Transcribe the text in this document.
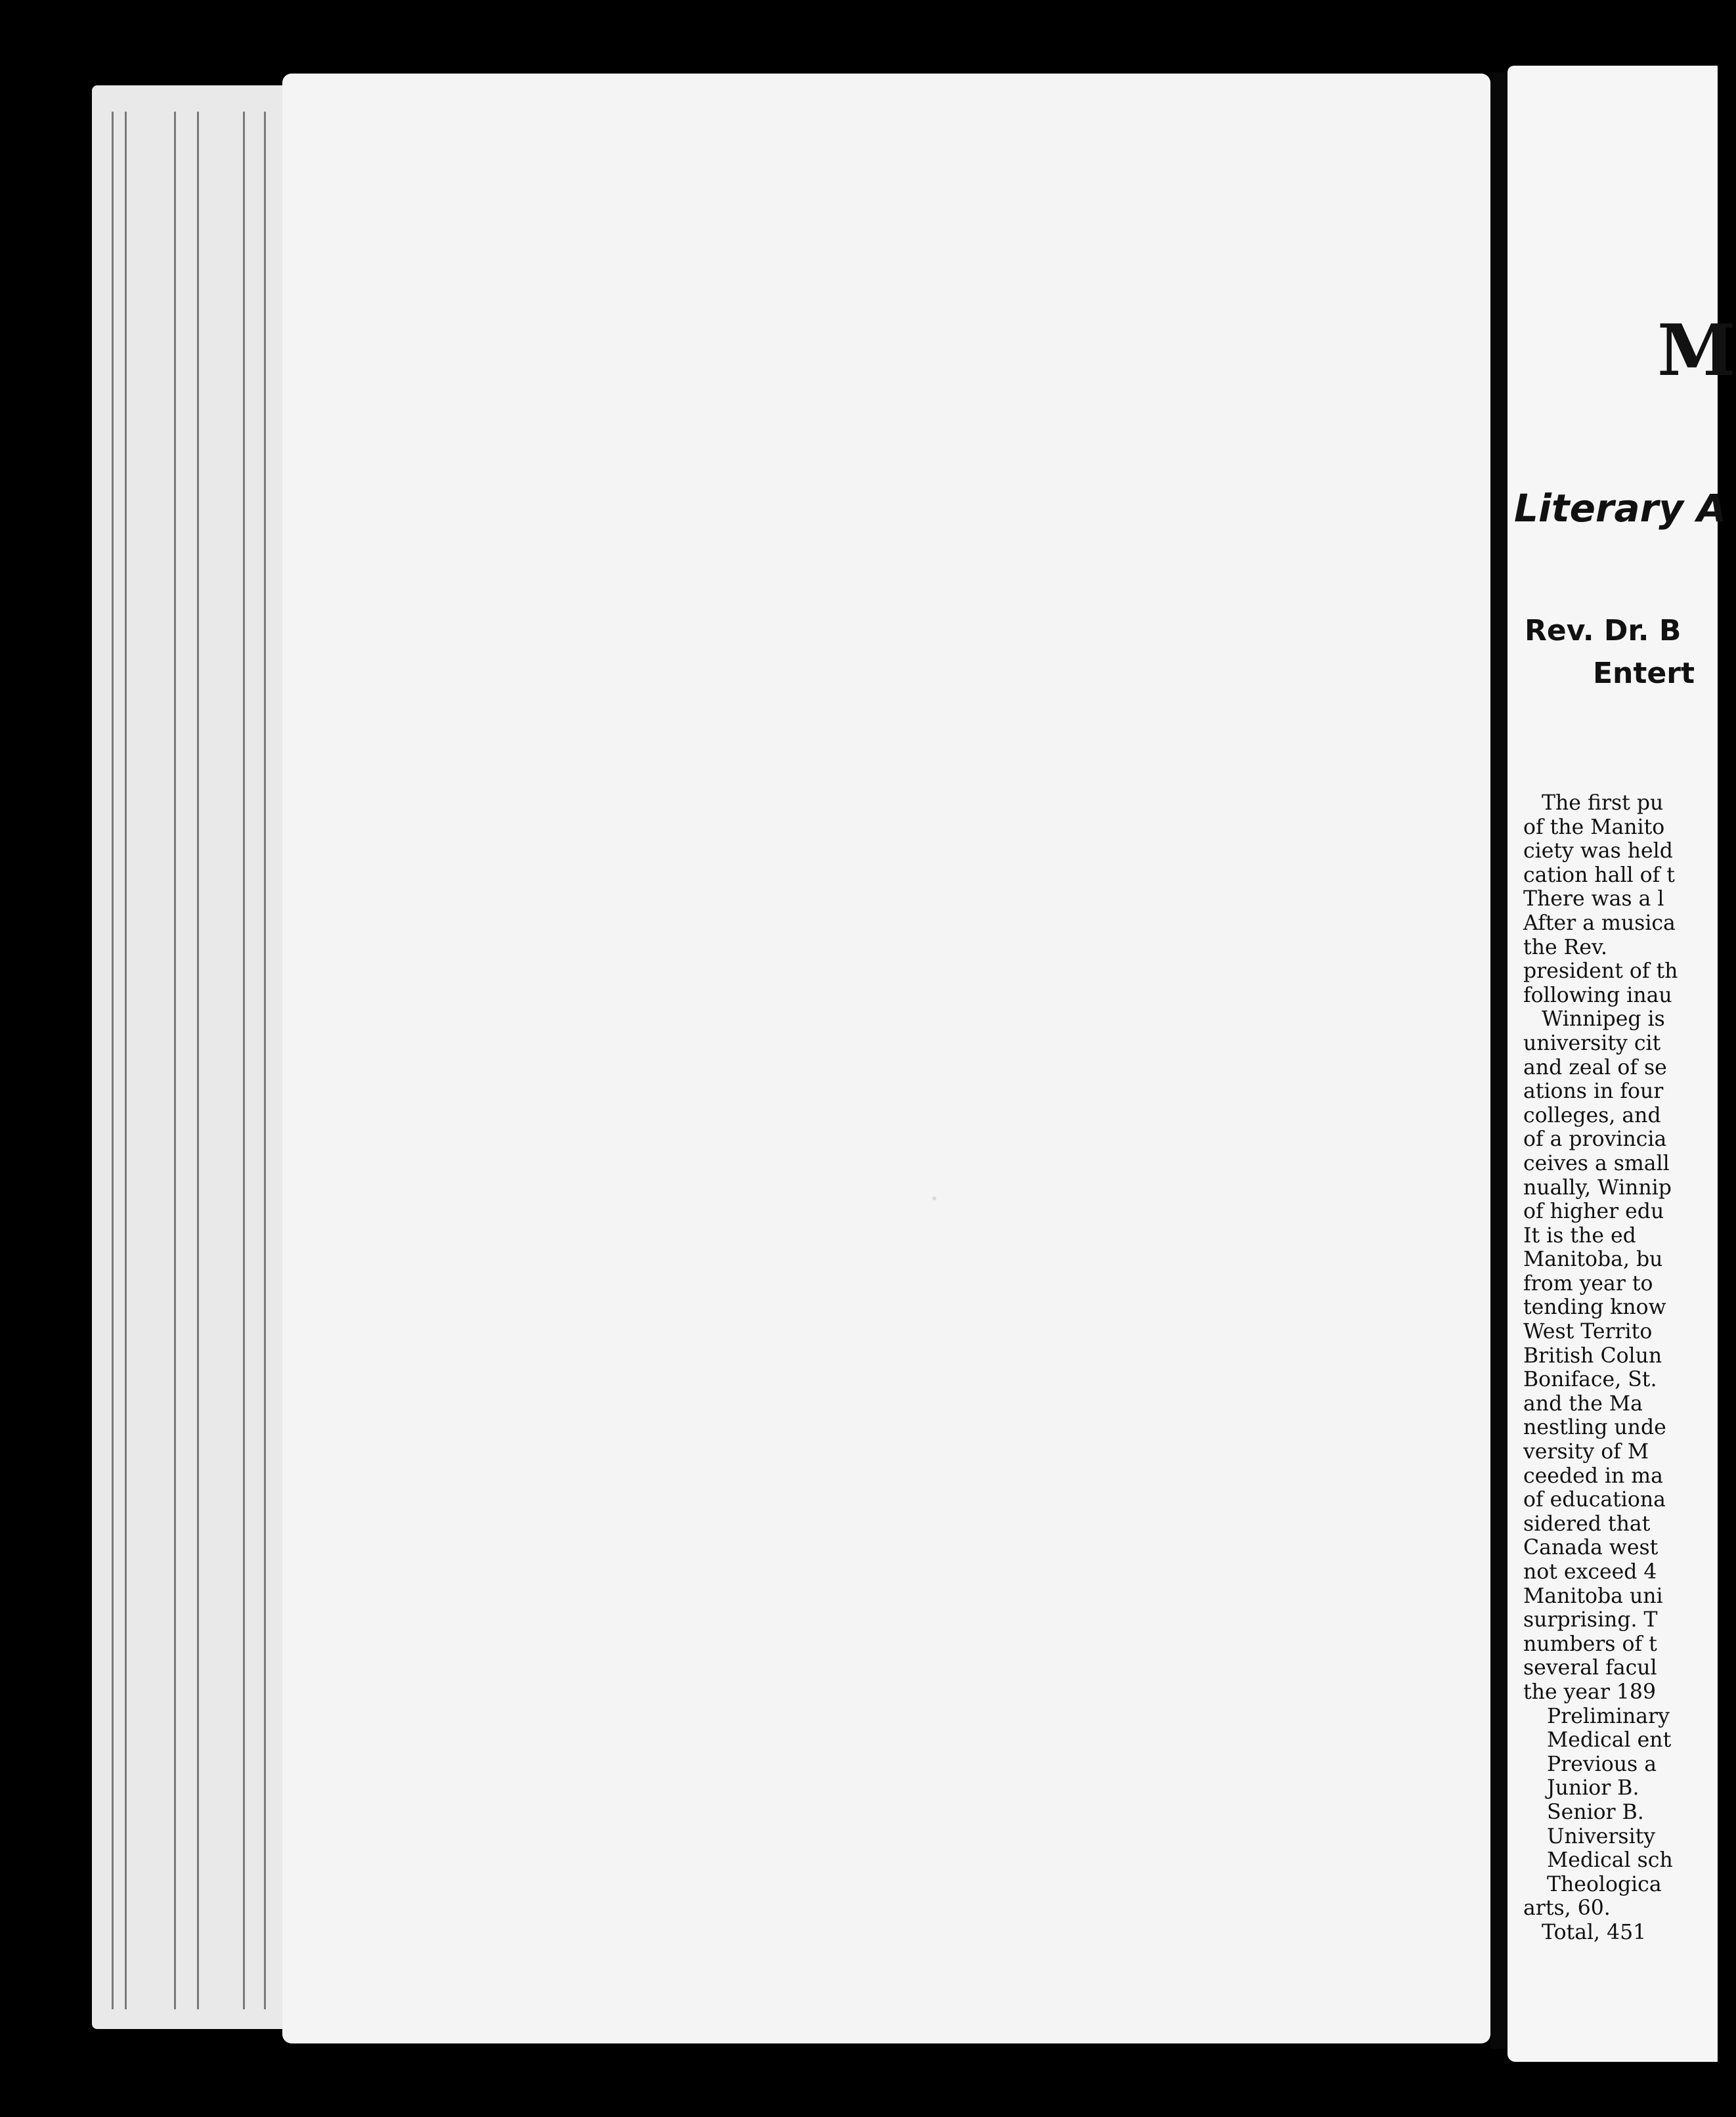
M
Literary A

Rev. Dr. B

Entert

The first pu
of the Manito
ciety was held
cation hall of t
There was a l
After a musica
the Rev.
president of th
following inau
Winnipeg is
university cit
and zeal of se
ations in four
colleges, and
of a provincia
ceives a small
nually, Winnip
of higher edu
It is the ed
Manitoba, bu
from year to
tending know
West Territo
British Colun
Boniface, St.
and the Ma
nestling unde
versity of M
ceeded in ma
of educationa
sidered that
Canada west
not exceed 4
Manitoba uni
surprising. T
numbers of t
several facul
the year 189
Preliminary
Medical ent
Previous a
Junior B.
Senior B.
University
Medical sch
Theologica
arts, 60.
Total, 451
